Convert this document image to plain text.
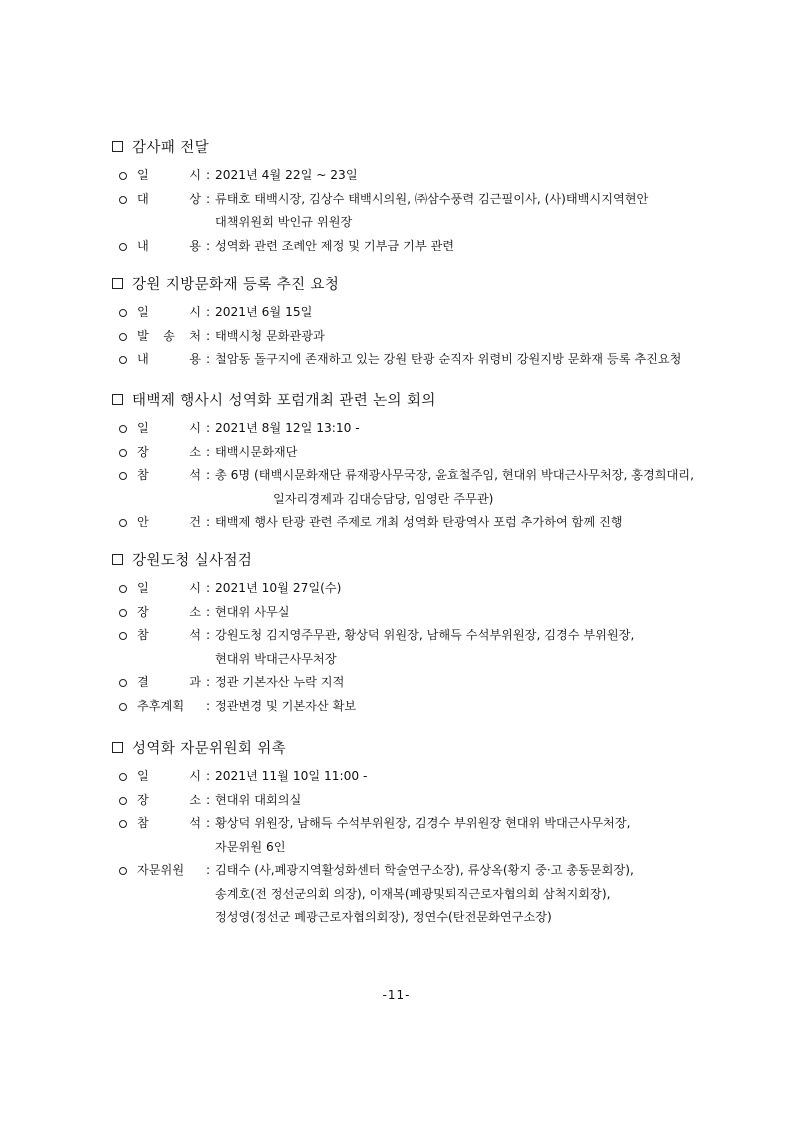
감사패 전달
일	시 : 2021년 4월 22일 ~ 23일
대	상 : 류태호 태백시장, 김상수 태백시의원, ㈜삼수풍력 김근필이사, (사)태백시지역현안
대책위원회 박인규 위원장
내	용 : 성역화 관련 조례안 제정 및 기부금 기부 관련
강원 지방문화재 등록 추진 요청
일	시 : 2021년 6월 15일
발 송 처 : 태백시청 문화관광과
내	용 : 철암동 돌구지에 존재하고 있는 강원 탄광 순직자 위령비 강원지방 문화재 등록 추진요청
태백제 행사시 성역화 포럼개최 관련 논의 회의
일	시 : 2021년 8월 12일 13:10 -
장	소 : 태백시문화재단
참	석 : 총 6명 (태백시문화재단 류재광사무국장, 윤효철주임, 현대위 박대근사무처장, 홍경희대리,
일자리경제과 김대승담당, 임영란 주무관)
안	건 : 태백제 행사 탄광 관련 주제로 개최 성역화 탄광역사 포럼 추가하여 함께 진행
강원도청 실사점검
일	시 : 2021년 10월 27일(수)
장	소 : 현대위 사무실
참	석 : 강원도청 김지영주무관, 황상덕 위원장, 남해득 수석부위원장, 김경수 부위원장,
현대위 박대근사무처장
결	과 : 정관 기본자산 누락 지적
추후계획	: 정관변경 및 기본자산 확보
성역화 자문위원회 위촉
일	시 : 2021년 11월 10일 11:00 -
장	소 : 현대위 대회의실
참	석 : 황상덕 위원장, 남해득 수석부위원장, 김경수 부위원장 현대위 박대근사무처장,
자문위원 6인
자문위원	: 김태수 (사,폐광지역활성화센터 학술연구소장), 류상옥(황지 중·고 총동문회장),
송계호(전 정선군의회 의장), 이재복(폐광및퇴직근로자협의회 삼척지회장),
정성영(정선군 폐광근로자협의회장), 정연수(탄전문화연구소장)
-11-
